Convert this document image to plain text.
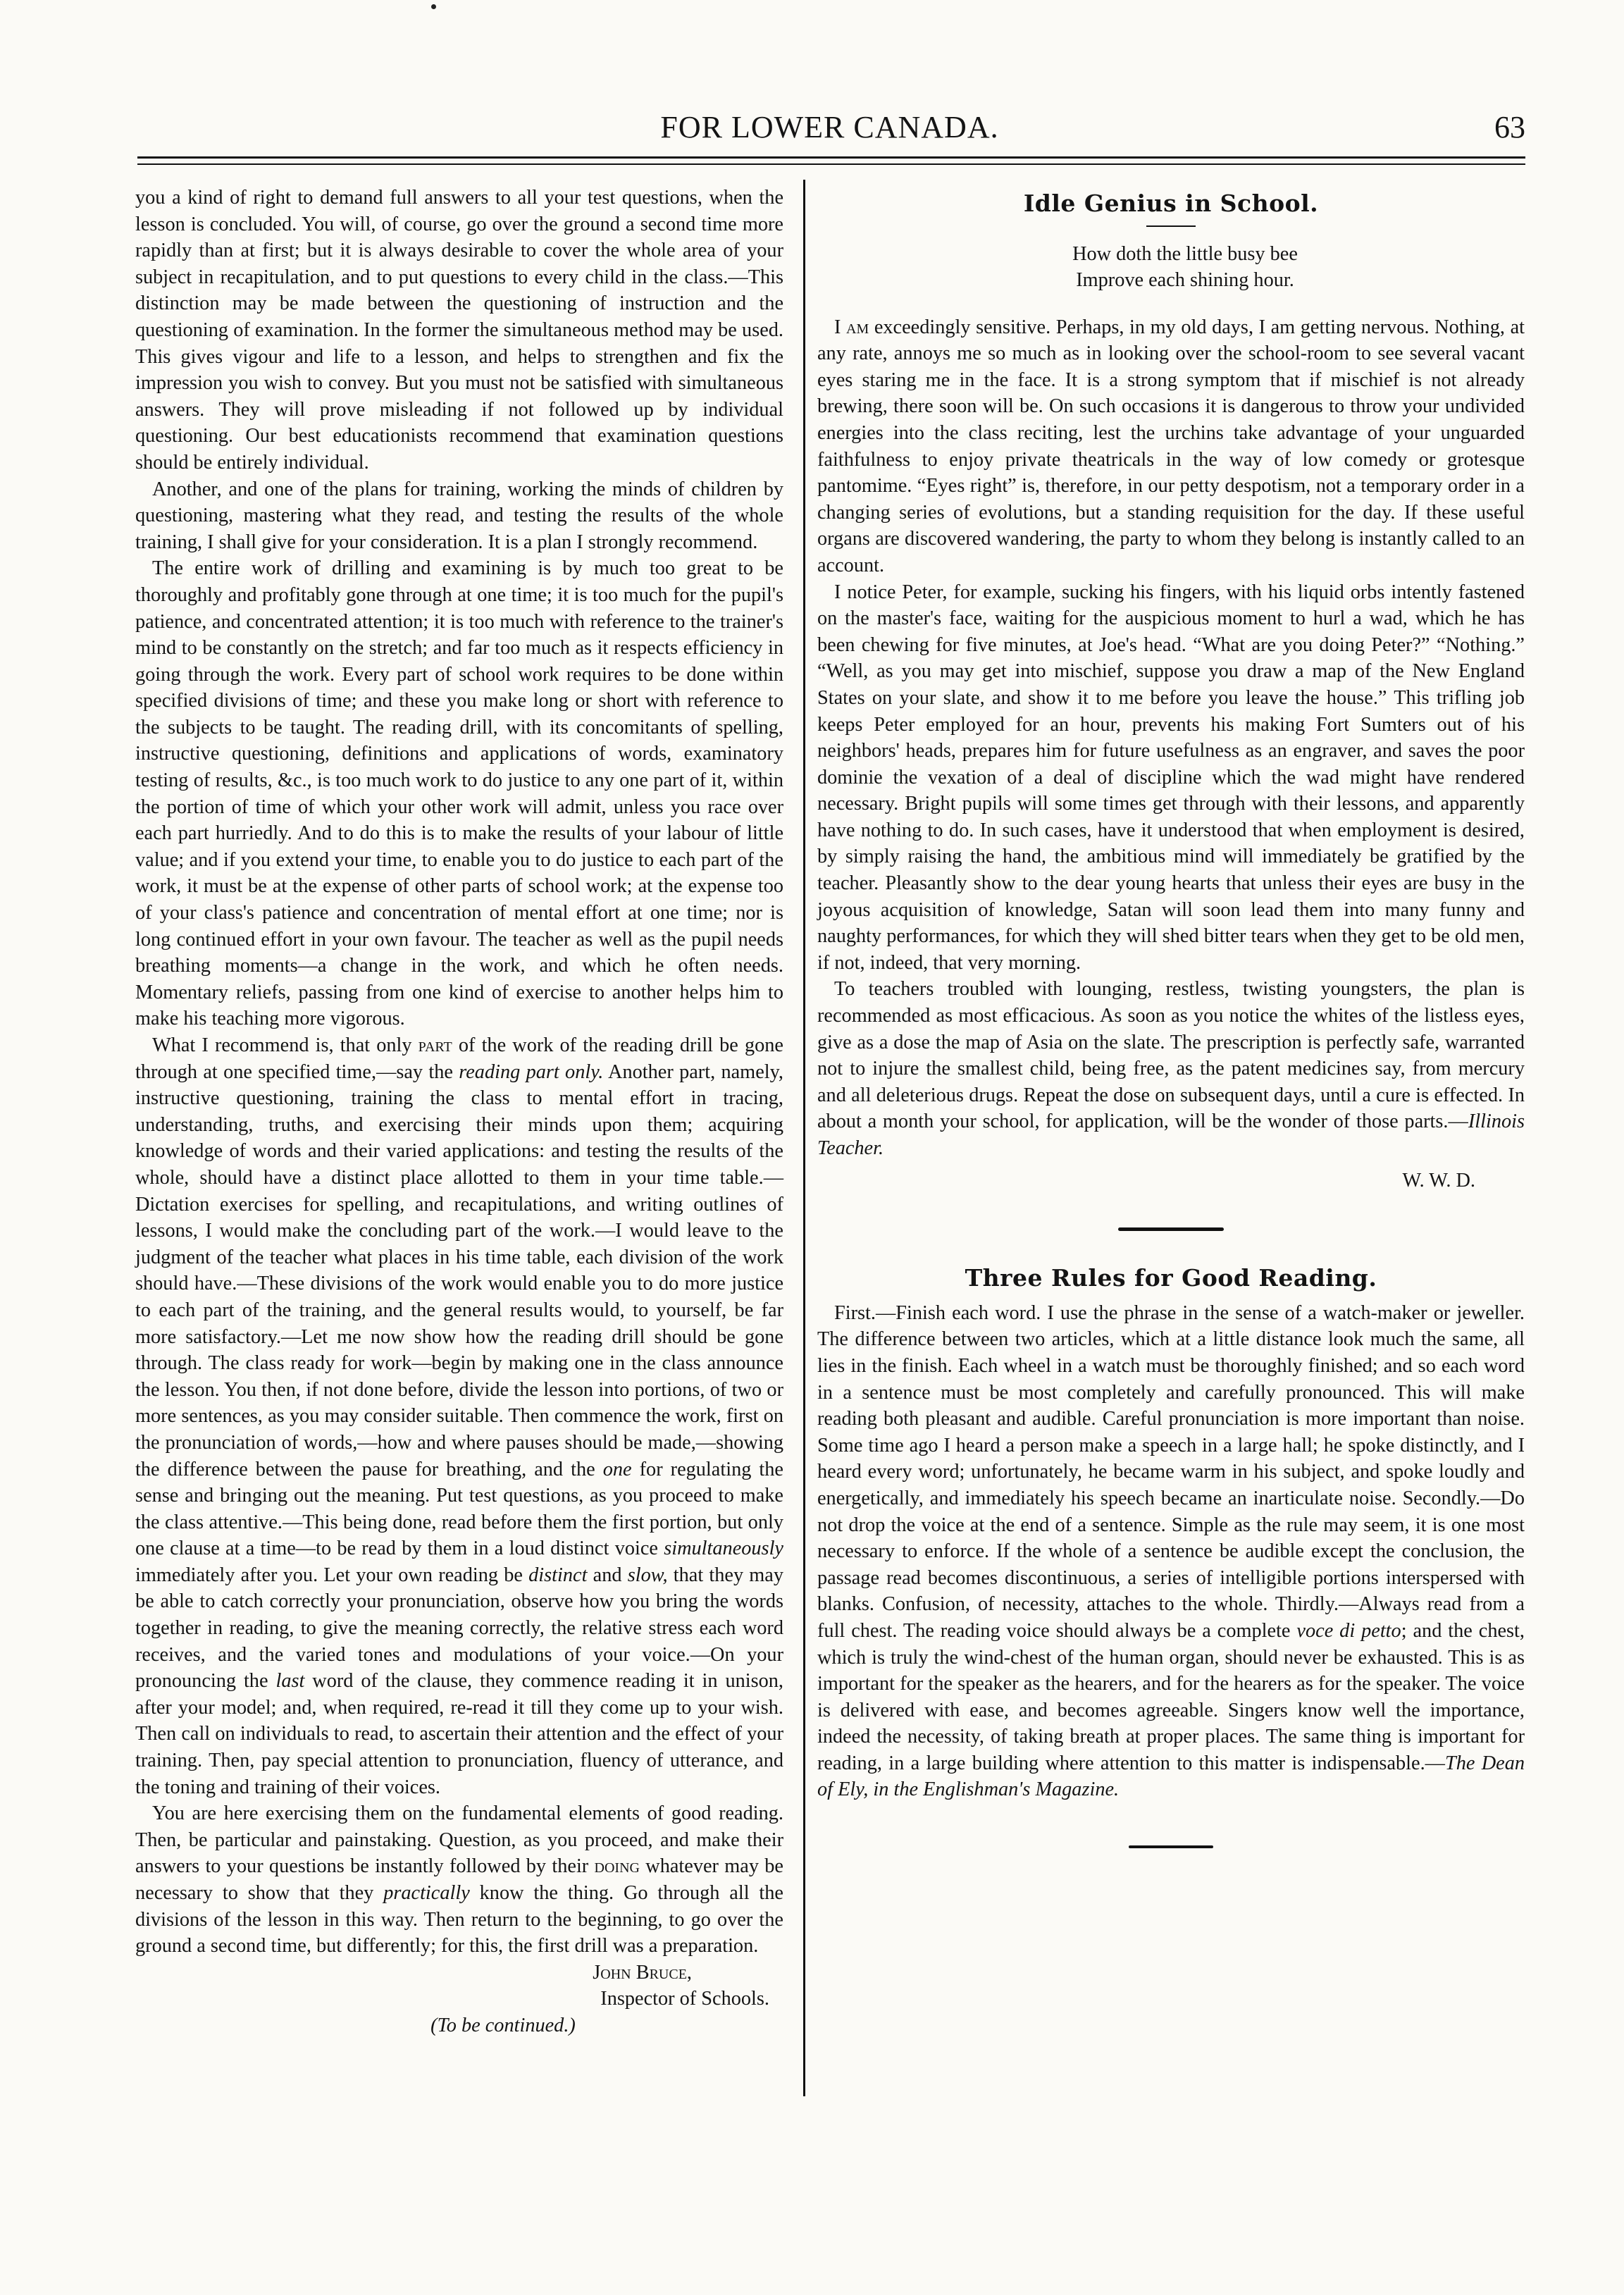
FOR LOWER CANADA.	63

you a kind of right to demand full answers to all your test questions, when the lesson is concluded. You will, of course, go over the ground a second time more rapidly than at first; but it is always desirable to cover the whole area of your subject in recapitulation, and to put questions to every child in the class.—This distinction may be made between the questioning of instruction and the questioning of examination. In the former the simultaneous method may be used. This gives vigour and life to a lesson, and helps to strengthen and fix the impression you wish to convey. But you must not be satisfied with simultaneous answers. They will prove misleading if not followed up by individual questioning. Our best educationists recommend that examination questions should be entirely individual.

Another, and one of the plans for training, working the minds of children by questioning, mastering what they read, and testing the results of the whole training, I shall give for your consideration. It is a plan I strongly recommend.

The entire work of drilling and examining is by much too great to be thoroughly and profitably gone through at one time; it is too much for the pupil's patience, and concentrated attention; it is too much with reference to the trainer's mind to be constantly on the stretch; and far too much as it respects efficiency in going through the work. Every part of school work requires to be done within specified divisions of time; and these you make long or short with reference to the subjects to be taught. The reading drill, with its concomitants of spelling, instructive questioning, definitions and applications of words, examinatory testing of results, &c., is too much work to do justice to any one part of it, within the portion of time of which your other work will admit, unless you race over each part hurriedly. And to do this is to make the results of your labour of little value; and if you extend your time, to enable you to do justice to each part of the work, it must be at the expense of other parts of school work; at the expense too of your class's patience and concentration of mental effort at one time; nor is long continued effort in your own favour. The teacher as well as the pupil needs breathing moments—a change in the work, and which he often needs. Momentary reliefs, passing from one kind of exercise to another helps him to make his teaching more vigorous.

What I recommend is, that only part of the work of the reading drill be gone through at one specified time,—say the reading part only. Another part, namely, instructive questioning, training the class to mental effort in tracing, understanding, truths, and exercising their minds upon them; acquiring knowledge of words and their varied applications: and testing the results of the whole, should have a distinct place allotted to them in your time table.—Dictation exercises for spelling, and recapitulations, and writing outlines of lessons, I would make the concluding part of the work.—I would leave to the judgment of the teacher what places in his time table, each division of the work should have.—These divisions of the work would enable you to do more justice to each part of the training, and the general results would, to yourself, be far more satisfactory.—Let me now show how the reading drill should be gone through. The class ready for work—begin by making one in the class announce the lesson. You then, if not done before, divide the lesson into portions, of two or more sentences, as you may consider suitable. Then commence the work, first on the pronunciation of words,—how and where pauses should be made,—showing the difference between the pause for breathing, and the one for regulating the sense and bringing out the meaning. Put test questions, as you proceed to make the class attentive.—This being done, read before them the first portion, but only one clause at a time—to be read by them in a loud distinct voice simultaneously immediately after you. Let your own reading be distinct and slow, that they may be able to catch correctly your pronunciation, observe how you bring the words together in reading, to give the meaning correctly, the relative stress each word receives, and the varied tones and modulations of your voice.—On your pronouncing the last word of the clause, they commence reading it in unison, after your model; and, when required, re-read it till they come up to your wish. Then call on individuals to read, to ascertain their attention and the effect of your training. Then, pay special attention to pronunciation, fluency of utterance, and the toning and training of their voices.

You are here exercising them on the fundamental elements of good reading. Then, be particular and painstaking. Question, as you proceed, and make their answers to your questions be instantly followed by their doing whatever may be necessary to show that they practically know the thing. Go through all the divisions of the lesson in this way. Then return to the beginning, to go over the ground a second time, but differently; for this, the first drill was a preparation.

John Bruce,

Inspector of Schools.

(To be continued.)

Idle Genius in School.
How doth the little busy bee
Improve each shining hour.

I am exceedingly sensitive. Perhaps, in my old days, I am getting nervous. Nothing, at any rate, annoys me so much as in looking over the school-room to see several vacant eyes staring me in the face. It is a strong symptom that if mischief is not already brewing, there soon will be. On such occasions it is dangerous to throw your undivided energies into the class reciting, lest the urchins take advantage of your unguarded faithfulness to enjoy private theatricals in the way of low comedy or grotesque pantomime. “Eyes right” is, therefore, in our petty despotism, not a temporary order in a changing series of evolutions, but a standing requisition for the day. If these useful organs are discovered wandering, the party to whom they belong is instantly called to an account.

I notice Peter, for example, sucking his fingers, with his liquid orbs intently fastened on the master's face, waiting for the auspicious moment to hurl a wad, which he has been chewing for five minutes, at Joe's head. “What are you doing Peter?” “Nothing.” “Well, as you may get into mischief, suppose you draw a map of the New England States on your slate, and show it to me before you leave the house.” This trifling job keeps Peter employed for an hour, prevents his making Fort Sumters out of his neighbors' heads, prepares him for future usefulness as an engraver, and saves the poor dominie the vexation of a deal of discipline which the wad might have rendered necessary. Bright pupils will some times get through with their lessons, and apparently have nothing to do. In such cases, have it understood that when employment is desired, by simply raising the hand, the ambitious mind will immediately be gratified by the teacher. Pleasantly show to the dear young hearts that unless their eyes are busy in the joyous acquisition of knowledge, Satan will soon lead them into many funny and naughty performances, for which they will shed bitter tears when they get to be old men, if not, indeed, that very morning.

To teachers troubled with lounging, restless, twisting youngsters, the plan is recommended as most efficacious. As soon as you notice the whites of the listless eyes, give as a dose the map of Asia on the slate. The prescription is perfectly safe, warranted not to injure the smallest child, being free, as the patent medicines say, from mercury and all deleterious drugs. Repeat the dose on subsequent days, until a cure is effected. In about a month your school, for application, will be the wonder of those parts.—Illinois Teacher.

W. W. D.
Three Rules for Good Reading.

First.—Finish each word. I use the phrase in the sense of a watch-maker or jeweller. The difference between two articles, which at a little distance look much the same, all lies in the finish. Each wheel in a watch must be thoroughly finished; and so each word in a sentence must be most completely and carefully pronounced. This will make reading both pleasant and audible. Careful pronunciation is more important than noise. Some time ago I heard a person make a speech in a large hall; he spoke distinctly, and I heard every word; unfortunately, he became warm in his subject, and spoke loudly and energetically, and immediately his speech became an inarticulate noise. Secondly.—Do not drop the voice at the end of a sentence. Simple as the rule may seem, it is one most necessary to enforce. If the whole of a sentence be audible except the conclusion, the passage read becomes discontinuous, a series of intelligible portions interspersed with blanks. Confusion, of necessity, attaches to the whole. Thirdly.—Always read from a full chest. The reading voice should always be a complete voce di petto; and the chest, which is truly the wind-chest of the human organ, should never be exhausted. This is as important for the speaker as the hearers, and for the hearers as for the speaker. The voice is delivered with ease, and becomes agreeable. Singers know well the importance, indeed the necessity, of taking breath at proper places. The same thing is important for reading, in a large building where attention to this matter is indispensable.—The Dean of Ely, in the Englishman's Magazine.
